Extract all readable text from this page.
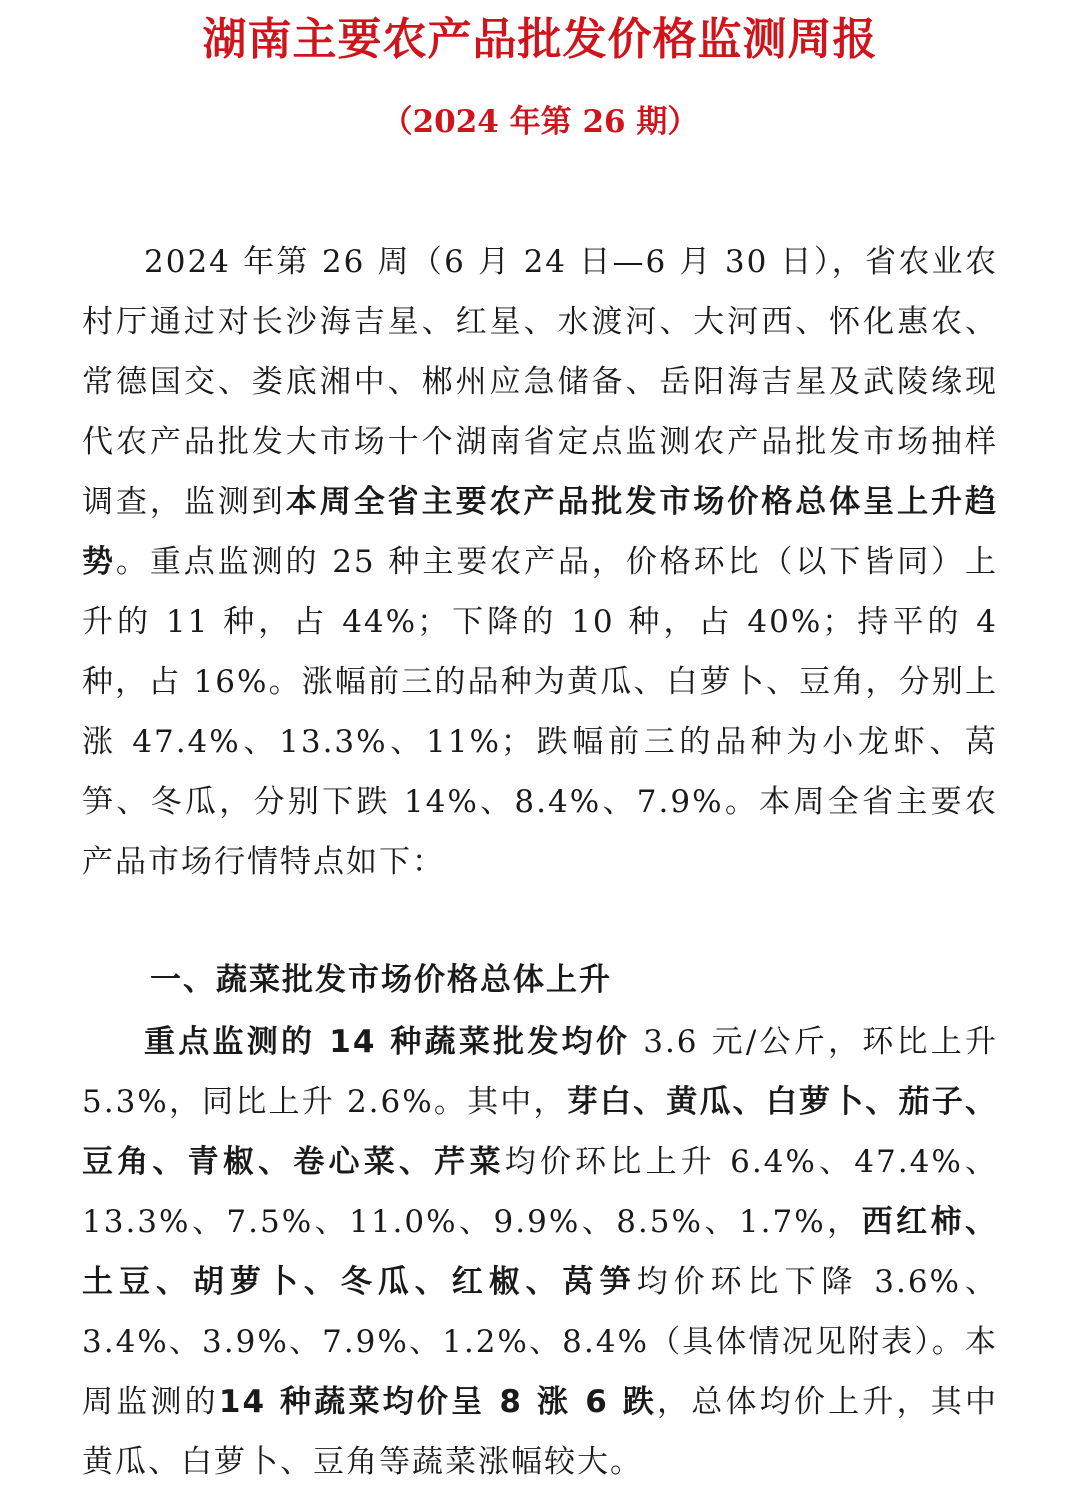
湖南主要农产品批发价格监测周报
（2024 年第 26 期）

2024 年第 26 周（6 月 24 日—6 月 30 日），省农业农村厅通过对长沙海吉星、红星、水渡河、大河西、怀化惠农、常德国交、娄底湘中、郴州应急储备、岳阳海吉星及武陵缘现代农产品批发大市场十个湖南省定点监测农产品批发市场抽样调查，监测到本周全省主要农产品批发市场价格总体呈上升趋势。重点监测的 25 种主要农产品，价格环比（以下皆同）上升的 11 种，占 44%；下降的 10 种，占 40%；持平的 4 种，占 16%。涨幅前三的品种为黄瓜、白萝卜、豆角，分别上涨 47.4%、13.3%、11%；跌幅前三的品种为小龙虾、莴笋、冬瓜，分别下跌 14%、8.4%、7.9%。本周全省主要农产品市场行情特点如下：

一、蔬菜批发市场价格总体上升

重点监测的 14 种蔬菜批发均价 3.6 元/公斤，环比上升 5.3%，同比上升 2.6%。其中，芽白、黄瓜、白萝卜、茄子、豆角、青椒、卷心菜、芹菜均价环比上升 6.4%、47.4%、13.3%、7.5%、11.0%、9.9%、8.5%、1.7%，西红柿、土豆、胡萝卜、冬瓜、红椒、莴笋均价环比下降 3.6%、3.4%、3.9%、7.9%、1.2%、8.4%（具体情况见附表）。本周监测的14 种蔬菜均价呈 8 涨 6 跌，总体均价上升，其中黄瓜、白萝卜、豆角等蔬菜涨幅较大。
